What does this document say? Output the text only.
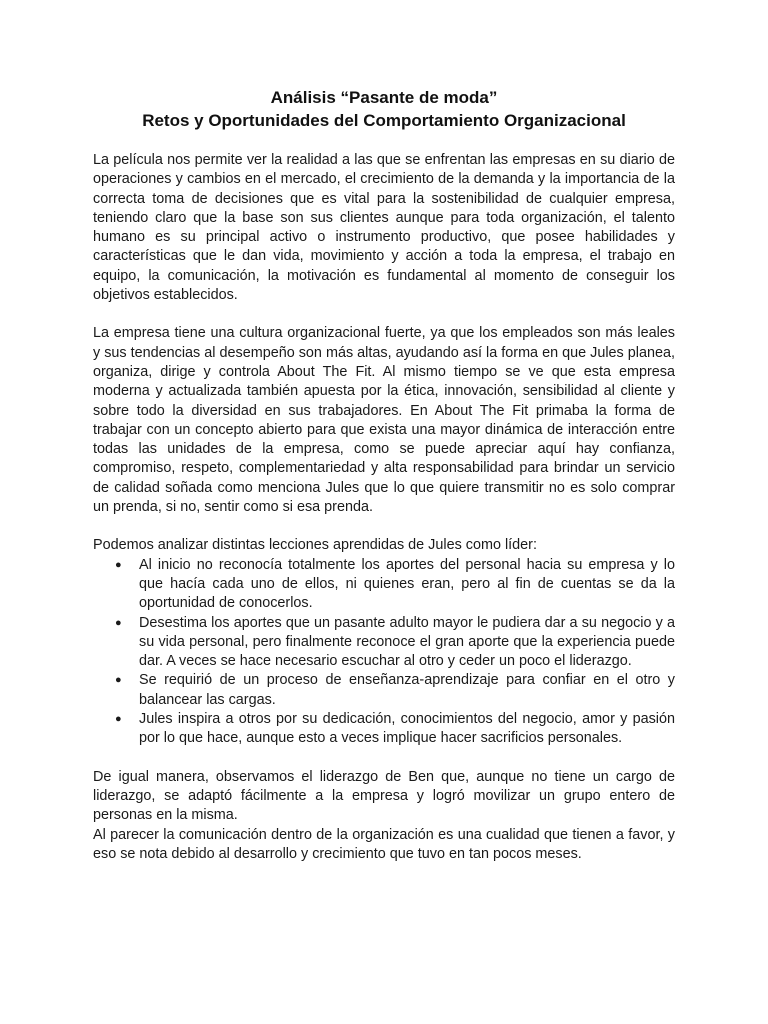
Análisis “Pasante de moda”
Retos y Oportunidades del Comportamiento Organizacional

La película nos permite ver la realidad a las que se enfrentan las empresas en su diario de operaciones y cambios en el mercado, el crecimiento de la demanda y la importancia de la correcta toma de decisiones que es vital para la sostenibilidad de cualquier empresa, teniendo claro que la base son sus clientes aunque para toda organización, el talento humano es su principal activo o instrumento productivo, que posee habilidades y características que le dan vida, movimiento y acción a toda la empresa, el trabajo en equipo, la comunicación, la motivación es fundamental al momento de conseguir los objetivos establecidos.

La empresa tiene una cultura organizacional fuerte, ya que los empleados son más leales y sus tendencias al desempeño son más altas, ayudando así la forma en que Jules planea, organiza, dirige y controla About The Fit. Al mismo tiempo se ve que esta empresa moderna y actualizada también apuesta por la ética, innovación, sensibilidad al cliente y sobre todo la diversidad en sus trabajadores. En About The Fit primaba la forma de trabajar con un concepto abierto para que exista una mayor dinámica de interacción entre todas las unidades de la empresa, como se puede apreciar aquí hay confianza, compromiso, respeto, complementariedad y alta responsabilidad para brindar un servicio de calidad soñada como menciona Jules que lo que quiere transmitir no es solo comprar un prenda, si no, sentir como si esa prenda.

Podemos analizar distintas lecciones aprendidas de Jules como líder:

● Al inicio no reconocía totalmente los aportes del personal hacia su empresa y lo que hacía cada uno de ellos, ni quienes eran, pero al fin de cuentas se da la oportunidad de conocerlos.
● Desestima los aportes que un pasante adulto mayor le pudiera dar a su negocio y a su vida personal, pero finalmente reconoce el gran aporte que la experiencia puede dar. A veces se hace necesario escuchar al otro y ceder un poco el liderazgo.
● Se requirió de un proceso de enseñanza-aprendizaje para confiar en el otro y balancear las cargas.
● Jules inspira a otros por su dedicación, conocimientos del negocio, amor y pasión por lo que hace, aunque esto a veces implique hacer sacrificios personales.

De igual manera, observamos el liderazgo de Ben que, aunque no tiene un cargo de liderazgo, se adaptó fácilmente a la empresa y logró movilizar un grupo entero de personas en la misma.

Al parecer la comunicación dentro de la organización es una cualidad que tienen a favor, y eso se nota debido al desarrollo y crecimiento que tuvo en tan pocos meses.
